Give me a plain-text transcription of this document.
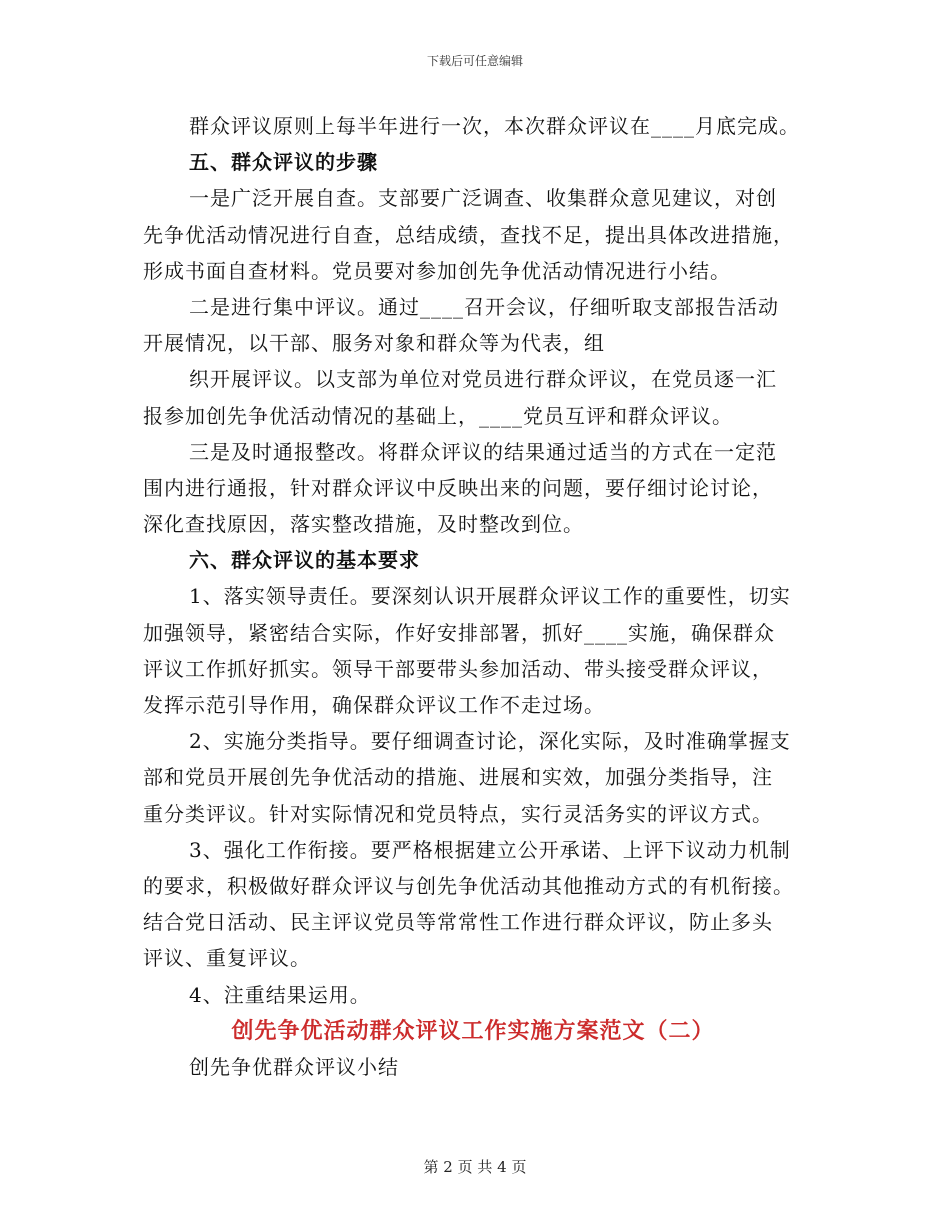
下载后可任意编辑
群众评议原则上每半年进行一次，本次群众评议在____月底完成。
五、群众评议的步骤
一是广泛开展自查。支部要广泛调查、收集群众意见建议，对创
先争优活动情况进行自查，总结成绩，查找不足，提出具体改进措施，
形成书面自查材料。党员要对参加创先争优活动情况进行小结。
二是进行集中评议。通过____召开会议，仔细听取支部报告活动
开展情况，以干部、服务对象和群众等为代表，组
织开展评议。以支部为单位对党员进行群众评议，在党员逐一汇
报参加创先争优活动情况的基础上，____党员互评和群众评议。
三是及时通报整改。将群众评议的结果通过适当的方式在一定范
围内进行通报，针对群众评议中反映出来的问题，要仔细讨论讨论，
深化查找原因，落实整改措施，及时整改到位。
六、群众评议的基本要求
1、落实领导责任。要深刻认识开展群众评议工作的重要性，切实
加强领导，紧密结合实际，作好安排部署，抓好____实施，确保群众
评议工作抓好抓实。领导干部要带头参加活动、带头接受群众评议，
发挥示范引导作用，确保群众评议工作不走过场。
2、实施分类指导。要仔细调查讨论，深化实际，及时准确掌握支
部和党员开展创先争优活动的措施、进展和实效，加强分类指导，注
重分类评议。针对实际情况和党员特点，实行灵活务实的评议方式。
3、强化工作衔接。要严格根据建立公开承诺、上评下议动力机制
的要求，积极做好群众评议与创先争优活动其他推动方式的有机衔接。
结合党日活动、民主评议党员等常常性工作进行群众评议，防止多头
评议、重复评议。
4、注重结果运用。
创先争优活动群众评议工作实施方案范文（二）
创先争优群众评议小结
第 2 页 共 4 页
